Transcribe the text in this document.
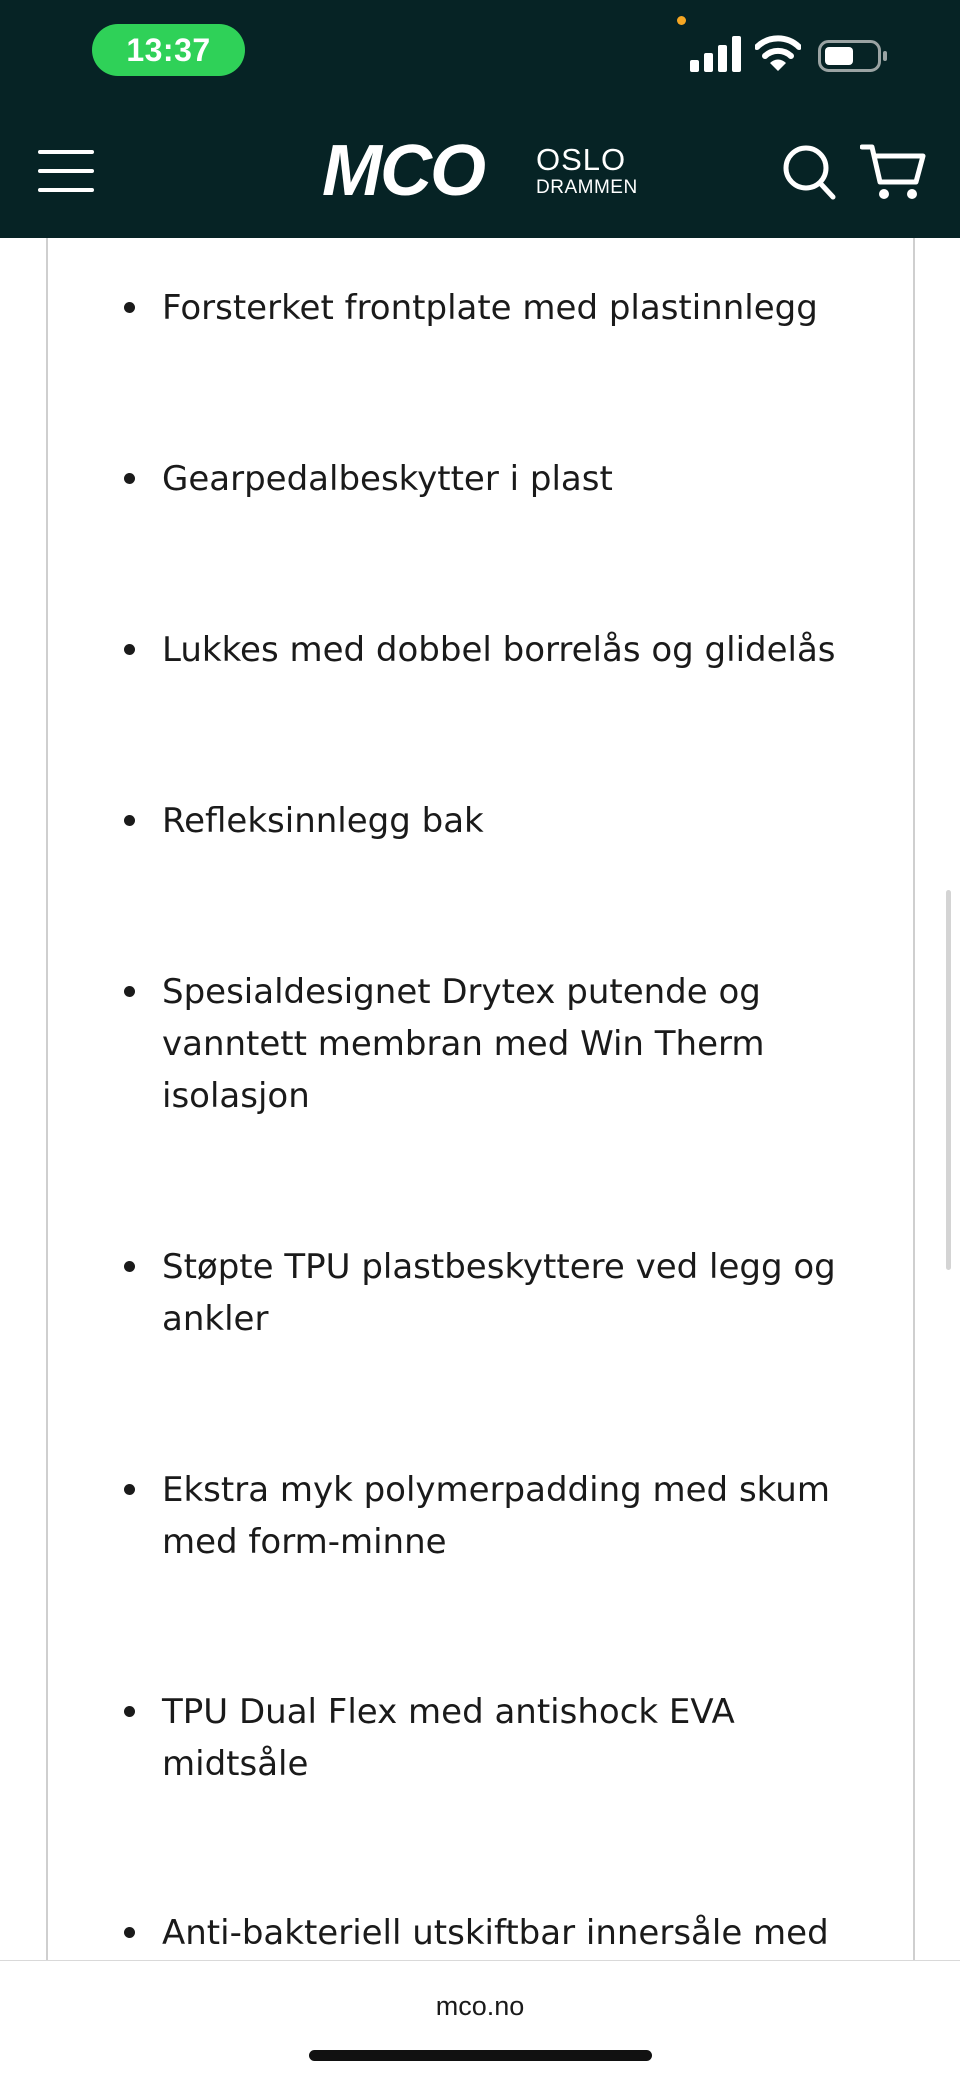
13:37
MCO OSLO
DRAMMEN
Forsterket frontplate med plastinnlegg
Gearpedalbeskytter i plast
Lukkes med dobbel borrelås og glidelås
Refleksinnlegg bak
Spesialdesignet Drytex putende og vanntett membran med Win Therm isolasjon
Støpte TPU plastbeskyttere ved legg og ankler
Ekstra myk polymerpadding med skum med form-minne
TPU Dual Flex med antishock EVA midtsåle
Anti-bakteriell utskiftbar innersåle med
mco.no
